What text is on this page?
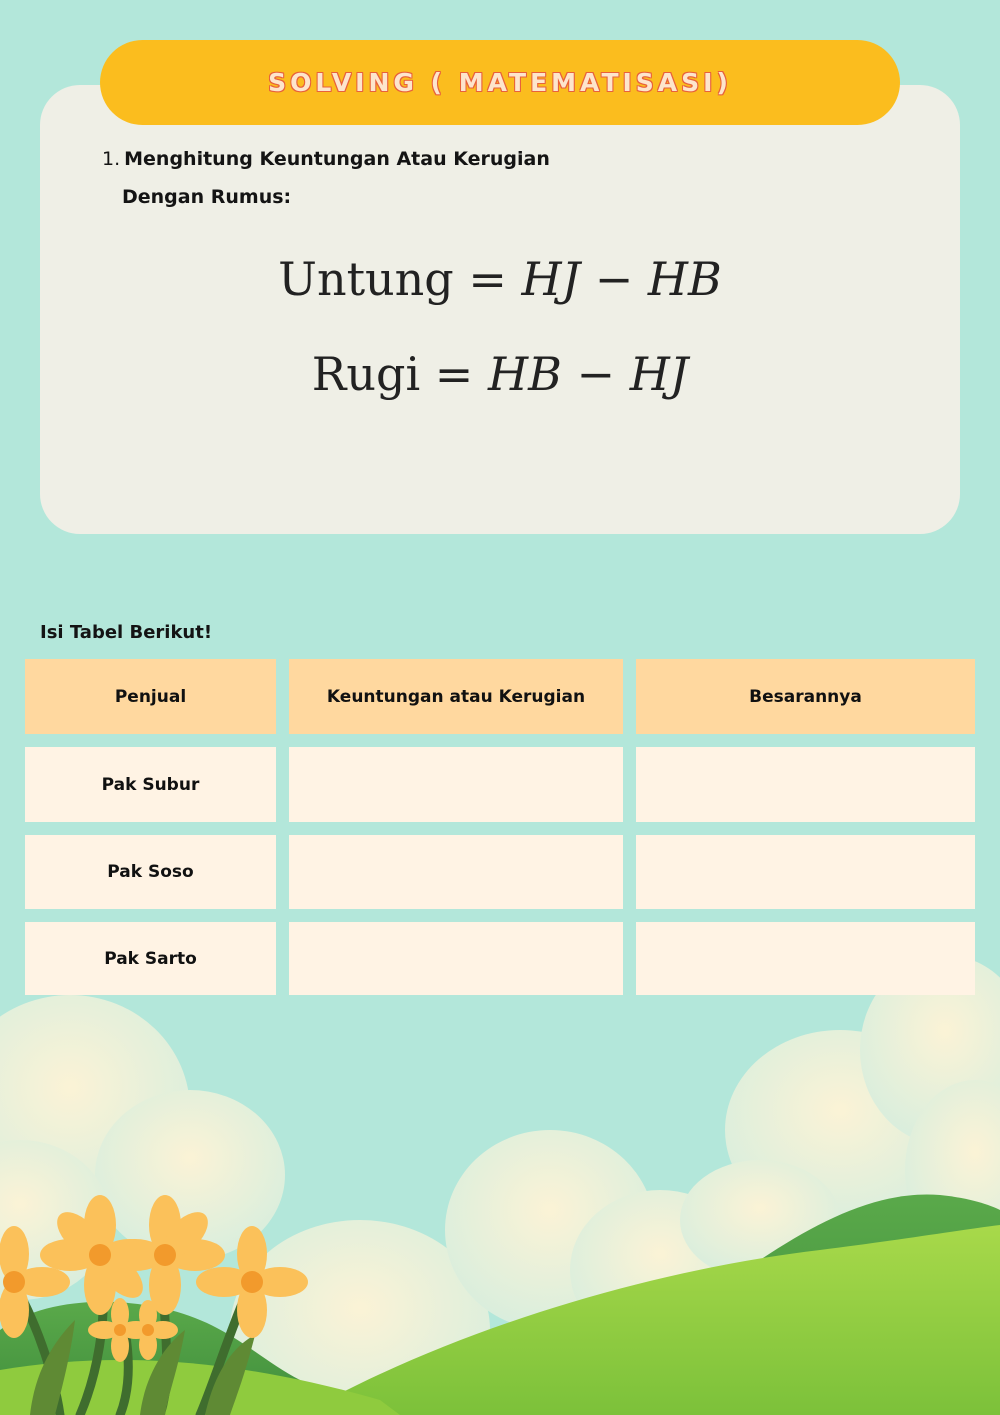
SOLVING ( MATEMATISASI)
1. Menghitung Keuntungan Atau Kerugian
Dengan Rumus:
Untung = HJ − HB
Rugi = HB − HJ
Isi Tabel Berikut!
Penjual	Keuntungan atau Kerugian	Besarannya
Pak Subur
Pak Soso
Pak Sarto
